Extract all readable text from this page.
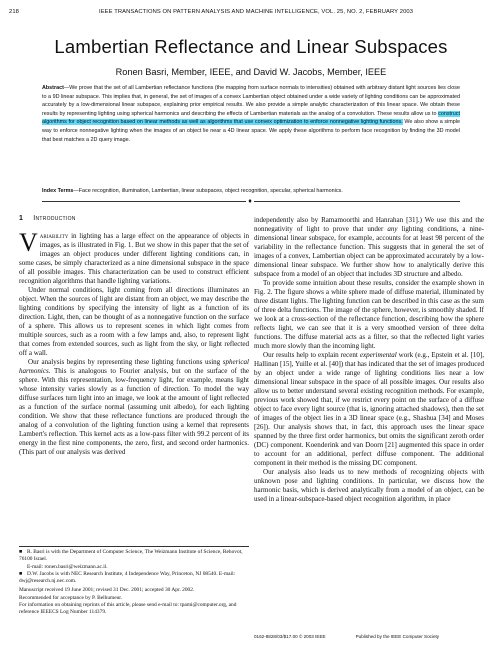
218	IEEE TRANSACTIONS ON PATTERN ANALYSIS AND MACHINE INTELLIGENCE, VOL. 25, NO. 2, FEBRUARY 2003
Lambertian Reflectance and Linear Subspaces
Ronen Basri, Member, IEEE, and David W. Jacobs, Member, IEEE
Abstract—We prove that the set of all Lambertian reflectance functions (the mapping from surface normals to intensities) obtained with arbitrary distant light sources lies close to a 9D linear subspace. This implies that, in general, the set of images of a convex Lambertian object obtained under a wide variety of lighting conditions can be approximated accurately by a low-dimensional linear subspace, explaining prior empirical results. We also provide a simple analytic characterization of this linear space. We obtain these results by representing lighting using spherical harmonics and describing the effects of Lambertian materials as the analog of a convolution. These results allow us to construct algorithms for object recognition based on linear methods as well as algorithms that use convex optimization to enforce nonnegative lighting functions. We also show a simple way to enforce nonnegative lighting when the images of an object lie near a 4D linear space. We apply these algorithms to perform face recognition by finding the 3D model that best matches a 2D query image.
Index Terms—Face recognition, illumination, Lambertian, linear subspaces, object recognition, specular, spherical harmonics.
♦
1 Introduction

Variability in lighting has a large effect on the appearance of objects in images, as is illustrated in Fig. 1. But we show in this paper that the set of images an object produces under different lighting conditions can, in some cases, be simply characterized as a nine dimensional subspace in the space of all possible images. This characterization can be used to construct efficient recognition algorithms that handle lighting variations.

Under normal conditions, light coming from all directions illuminates an object. When the sources of light are distant from an object, we may describe the lighting conditions by specifying the intensity of light as a function of its direction. Light, then, can be thought of as a nonnegative function on the surface of a sphere. This allows us to represent scenes in which light comes from multiple sources, such as a room with a few lamps and, also, to represent light that comes from extended sources, such as light from the sky, or light reflected off a wall.

Our analysis begins by representing these lighting functions using spherical harmonics. This is analogous to Fourier analysis, but on the surface of the sphere. With this representation, low-frequency light, for example, means light whose intensity varies slowly as a function of direction. To model the way diffuse surfaces turn light into an image, we look at the amount of light reflected as a function of the surface normal (assuming unit albedo), for each lighting condition. We show that these reflectance functions are produced through the analog of a convolution of the lighting function using a kernel that represents Lambert's reflection. This kernel acts as a low-pass filter with 99.2 percent of its energy in the first nine components, the zero, first, and second order harmonics. (This part of our analysis was derived

■ R. Basri is with the Department of Computer Science, The Weizmann Institute of Science, Rehovot, 76100 Israel.

E-mail: ronen.basri@weizmann.ac.il.

■ D.W. Jacobs is with NEC Research Institute, 4 Independence Way, Princeton, NJ 08540. E-mail: dwj@research.nj.nec.com.

Manuscript received 19 June 2001; revised 31 Dec. 2001; accepted 30 Apr. 2002.

Recommended for acceptance by P. Belhumeur.

For information on obtaining reprints of this article, please send e-mail to: tpami@computer.org, and reference IEEECS Log Number 114379.

independently also by Ramamoorthi and Hanrahan [31].) We use this and the nonnegativity of light to prove that under any lighting conditions, a nine-dimensional linear subspace, for example, accounts for at least 98 percent of the variability in the reflectance function. This suggests that in general the set of images of a convex, Lambertian object can be approximated accurately by a low-dimensional linear subspace. We further show how to analytically derive this subspace from a model of an object that includes 3D structure and albedo.

To provide some intuition about these results, consider the example shown in Fig. 2. The figure shows a white sphere made of diffuse material, illuminated by three distant lights. The lighting function can be described in this case as the sum of three delta functions. The image of the sphere, however, is smoothly shaded. If we look at a cross-section of the reflectance function, describing how the sphere reflects light, we can see that it is a very smoothed version of three delta functions. The diffuse material acts as a filter, so that the reflected light varies much more slowly than the incoming light.

Our results help to explain recent experimental work (e.g., Epstein et al. [10], Hallinan [15], Yuille et al. [40]) that has indicated that the set of images produced by an object under a wide range of lighting conditions lies near a low dimensional linear subspace in the space of all possible images. Our results also allow us to better understand several existing recognition methods. For example, previous work showed that, if we restrict every point on the surface of a diffuse object to face every light source (that is, ignoring attached shadows), then the set of images of the object lies in a 3D linear space (e.g., Shashua [34] and Moses [26]). Our analysis shows that, in fact, this approach uses the linear space spanned by the three first order harmonics, but omits the significant zeroth order (DC) component. Koenderink and van Doorn [21] augmented this space in order to account for an additional, perfect diffuse component. The additional component in their method is the missing DC component.

Our analysis also leads us to new methods of recognizing objects with unknown pose and lighting conditions. In particular, we discuss how the harmonic basis, which is derived analytically from a model of an object, can be used in a linear-subspace-based object recognition algorithm, in place

0162-8828/03/$17.00 © 2003 IEEE	Published by the IEEE Computer Society
